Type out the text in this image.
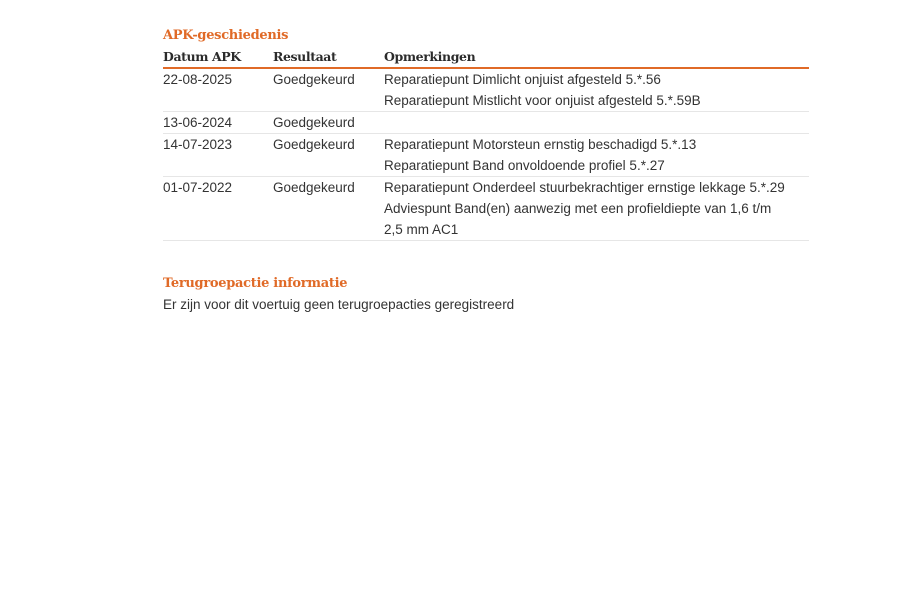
APK-geschiedenis
Datum APK	Resultaat	Opmerkingen
22-08-2025	Goedgekeurd	Reparatiepunt Dimlicht onjuist afgesteld 5.*.56
Reparatiepunt Mistlicht voor onjuist afgesteld 5.*.59B

13-06-2024	Goedgekeurd	
14-07-2023	Goedgekeurd	Reparatiepunt Motorsteun ernstig beschadigd 5.*.13
Reparatiepunt Band onvoldoende profiel 5.*.27

01-07-2022	Goedgekeurd	Reparatiepunt Onderdeel stuurbekrachtiger ernstige lekkage 5.*.29
Adviespunt Band(en) aanwezig met een profieldiepte van 1,6 t/m
2,5 mm AC1
Terugroepactie informatie

Er zijn voor dit voertuig geen terugroepacties geregistreerd
